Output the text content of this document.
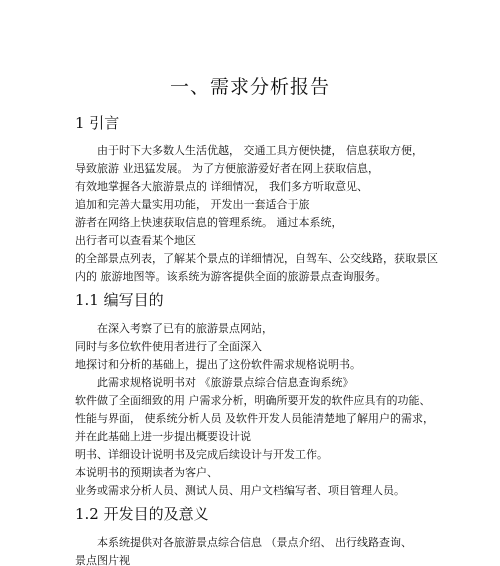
一、需求分析报告
1 引言
由于时下大多数人生活优越， 交通工具方便快捷， 信息获取方便，
导致旅游 业迅猛发展。 为了方便旅游爱好者在网上获取信息，
有效地掌握各大旅游景点的 详细情况， 我们多方听取意见、
追加和完善大量实用功能， 开发出一套适合于旅
游者在网络上快速获取信息的管理系统。 通过本系统，
出行者可以查看某个地区
的全部景点列表，了解某个景点的详细情况，自驾车、公交线路，获取景区
内的 旅游地图等。该系统为游客提供全面的旅游景点查询服务。
1.1 编写目的
在深入考察了已有的旅游景点网站，
同时与多位软件使用者进行了全面深入
地探讨和分析的基础上，提出了这份软件需求规格说明书。
此需求规格说明书对 《旅游景点综合信息查询系统》
软件做了全面细致的用 户需求分析，明确所要开发的软件应具有的功能、
性能与界面， 使系统分析人员 及软件开发人员能清楚地了解用户的需求，
并在此基础上进一步提出概要设计说
明书、详细设计说明书及完成后续设计与开发工作。
本说明书的预期读者为客户、
业务或需求分析人员、测试人员、用户文档编写者、项目管理人员。
1.2 开发目的及意义
本系统提供对各旅游景点综合信息 （景点介绍、 出行线路查询、
景点图片视
